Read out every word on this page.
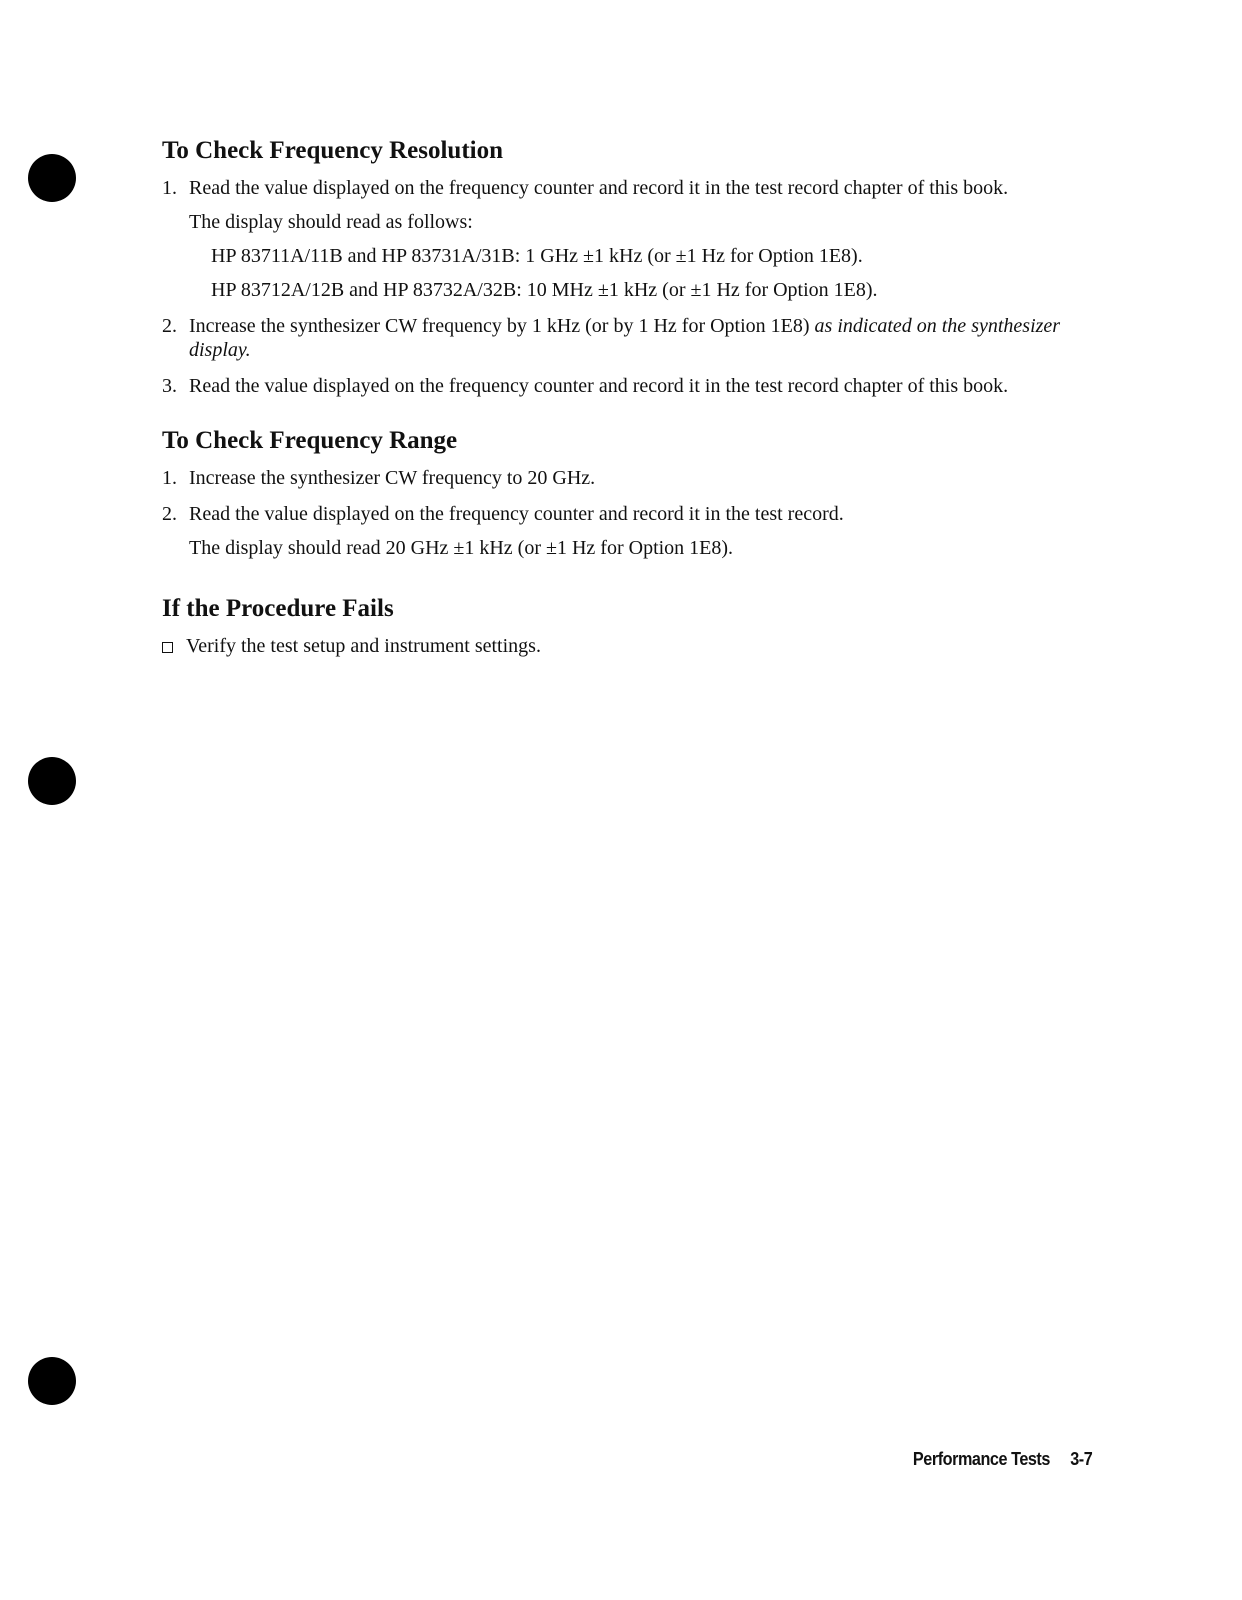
To Check Frequency Resolution
1. Read the value displayed on the frequency counter and record it in the test record chapter of this book.
The display should read as follows:
HP 83711A/11B and HP 83731A/31B: 1 GHz ±1 kHz (or ±1 Hz for Option 1E8).
HP 83712A/12B and HP 83732A/32B: 10 MHz ±1 kHz (or ±1 Hz for Option 1E8).
2. Increase the synthesizer CW frequency by 1 kHz (or by 1 Hz for Option 1E8) as indicated on the synthesizer display.
3. Read the value displayed on the frequency counter and record it in the test record chapter of this book.
To Check Frequency Range
1. Increase the synthesizer CW frequency to 20 GHz.
2. Read the value displayed on the frequency counter and record it in the test record.
The display should read 20 GHz ±1 kHz (or ±1 Hz for Option 1E8).
If the Procedure Fails
Verify the test setup and instrument settings.
Performance Tests 3-7
